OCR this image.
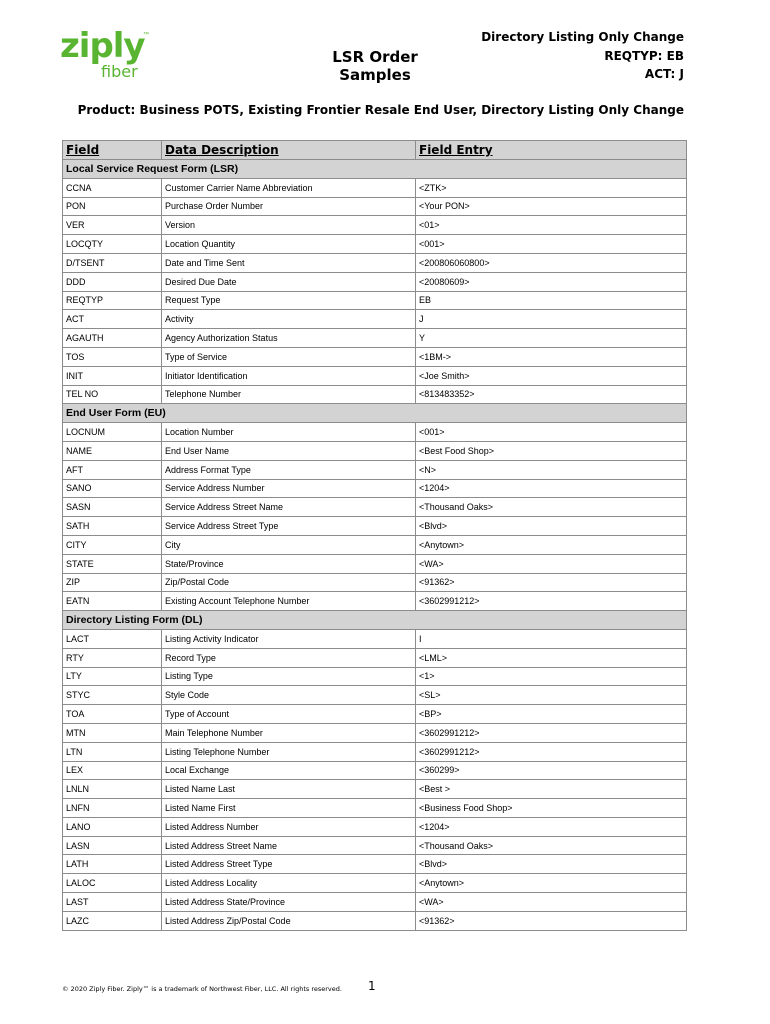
ziply
™
fiber
LSR Order Samples
Directory Listing Only Change
REQTYP: EB
ACT: J
Product: Business POTS, Existing Frontier Resale End User, Directory Listing Only Change
Field	Data Description	Field Entry
Local Service Request Form (LSR)		
CCNA	Customer Carrier Name Abbreviation	<ZTK>
PON	Purchase Order Number	<Your PON>
VER	Version	<01>
LOCQTY	Location Quantity	<001>
D/TSENT	Date and Time Sent	<200806060800>
DDD	Desired Due Date	<20080609>
REQTYP	Request Type	EB
ACT	Activity	J
AGAUTH	Agency Authorization Status	Y
TOS	Type of Service	<1BM->
INIT	Initiator Identification	<Joe Smith>
TEL NO	Telephone Number	<813483352>
End User Form (EU)		
LOCNUM	Location Number	<001>
NAME	End User Name	<Best Food Shop>
AFT	Address Format Type	<N>
SANO	Service Address Number	<1204>
SASN	Service Address Street Name	<Thousand Oaks>
SATH	Service Address Street Type	<Blvd>
CITY	City	<Anytown>
STATE	State/Province	<WA>
ZIP	Zip/Postal Code	<91362>
EATN	Existing Account Telephone Number	<3602991212>
Directory Listing Form (DL)		
LACT	Listing Activity Indicator	I
RTY	Record Type	<LML>
LTY	Listing Type	<1>
STYC	Style Code	<SL>
TOA	Type of Account	<BP>
MTN	Main Telephone Number	<3602991212>
LTN	Listing Telephone Number	<3602991212>
LEX	Local Exchange	<360299>
LNLN	Listed Name Last	<Best >
LNFN	Listed Name First	<Business Food Shop>
LANO	Listed Address Number	<1204>
LASN	Listed Address Street Name	<Thousand Oaks>
LATH	Listed Address Street Type	<Blvd>
LALOC	Listed Address Locality	<Anytown>
LAST	Listed Address State/Province	<WA>
LAZC	Listed Address Zip/Postal Code	<91362>
© 2020 Ziply Fiber. Ziply™ is a trademark of Northwest Fiber, LLC. All rights reserved. 1
